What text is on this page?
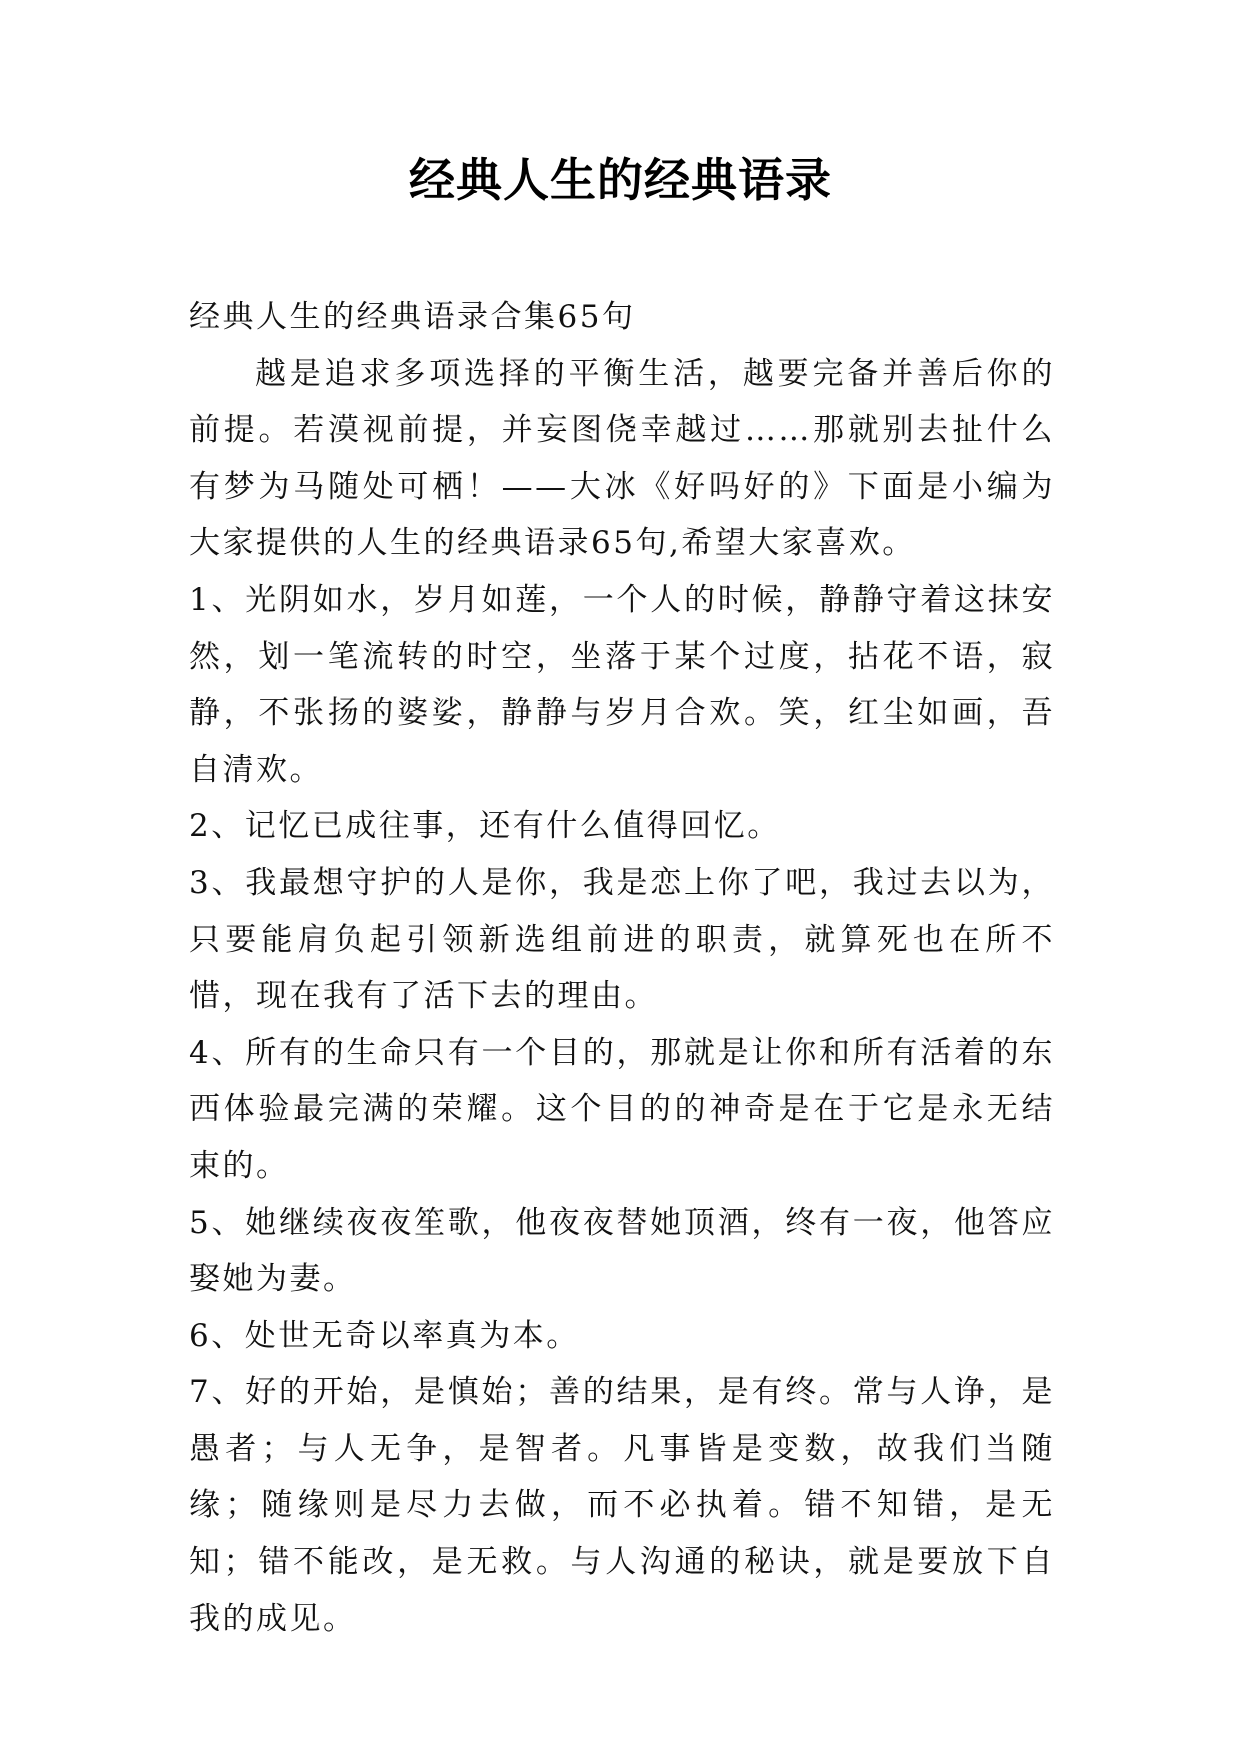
经典人生的经典语录

经典人生的经典语录合集65句

越是追求多项选择的平衡生活，越要完备并善后你的前提。若漠视前提，并妄图侥幸越过……那就别去扯什么有梦为马随处可栖！——大冰《好吗好的》下面是小编为大家提供的人生的经典语录65句,希望大家喜欢。

1、光阴如水，岁月如莲，一个人的时候，静静守着这抹安然，划一笔流转的时空，坐落于某个过度，拈花不语，寂静，不张扬的婆娑，静静与岁月合欢。笑，红尘如画，吾自清欢。

2、记忆已成往事，还有什么值得回忆。

3、我最想守护的人是你，我是恋上你了吧，我过去以为，只要能肩负起引领新选组前进的职责，就算死也在所不惜，现在我有了活下去的理由。

4、所有的生命只有一个目的，那就是让你和所有活着的东西体验最完满的荣耀。这个目的的神奇是在于它是永无结束的。

5、她继续夜夜笙歌，他夜夜替她顶酒，终有一夜，他答应娶她为妻。

6、处世无奇以率真为本。

7、好的开始，是慎始；善的结果，是有终。常与人诤，是愚者；与人无争，是智者。凡事皆是变数，故我们当随缘；随缘则是尽力去做，而不必执着。错不知错，是无知；错不能改，是无救。与人沟通的秘诀，就是要放下自我的成见。
